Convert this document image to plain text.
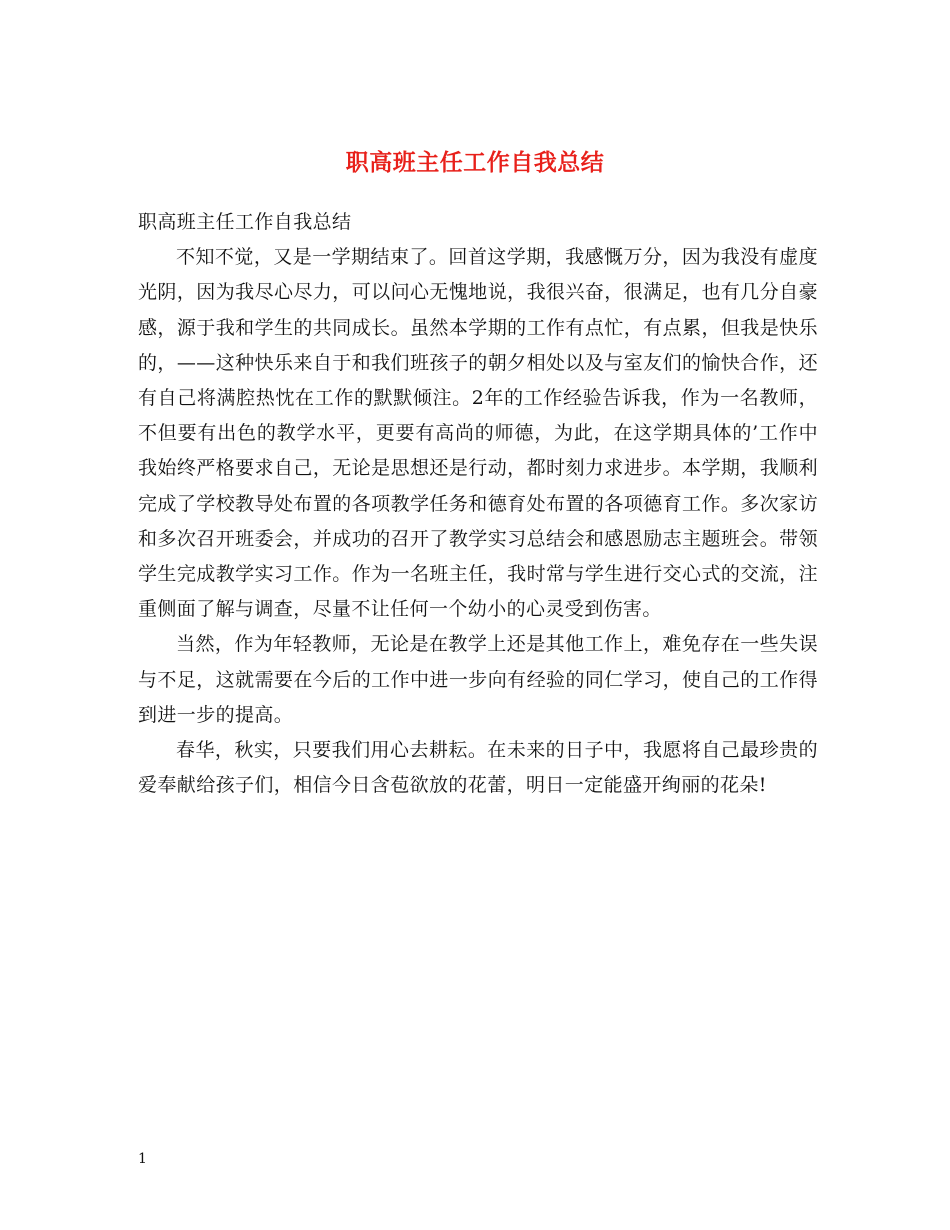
职高班主任工作自我总结

职高班主任工作自我总结

不知不觉，又是一学期结束了。回首这学期，我感慨万分，因为我没有虚度光阴，因为我尽心尽力，可以问心无愧地说，我很兴奋，很满足，也有几分自豪感，源于我和学生的共同成长。虽然本学期的工作有点忙，有点累，但我是快乐的，——这种快乐来自于和我们班孩子的朝夕相处以及与室友们的愉快合作，还有自己将满腔热忱在工作的默默倾注。2年的工作经验告诉我，作为一名教师，不但要有出色的教学水平，更要有高尚的师德，为此，在这学期具体的’工作中我始终严格要求自己，无论是思想还是行动，都时刻力求进步。本学期，我顺利完成了学校教导处布置的各项教学任务和德育处布置的各项德育工作。多次家访和多次召开班委会，并成功的召开了教学实习总结会和感恩励志主题班会。带领学生完成教学实习工作。作为一名班主任，我时常与学生进行交心式的交流，注重侧面了解与调查，尽量不让任何一个幼小的心灵受到伤害。

当然，作为年轻教师，无论是在教学上还是其他工作上，难免存在一些失误与不足，这就需要在今后的工作中进一步向有经验的同仁学习，使自己的工作得到进一步的提高。

春华，秋实，只要我们用心去耕耘。在未来的日子中，我愿将自己最珍贵的爱奉献给孩子们，相信今日含苞欲放的花蕾，明日一定能盛开绚丽的花朵!

1
